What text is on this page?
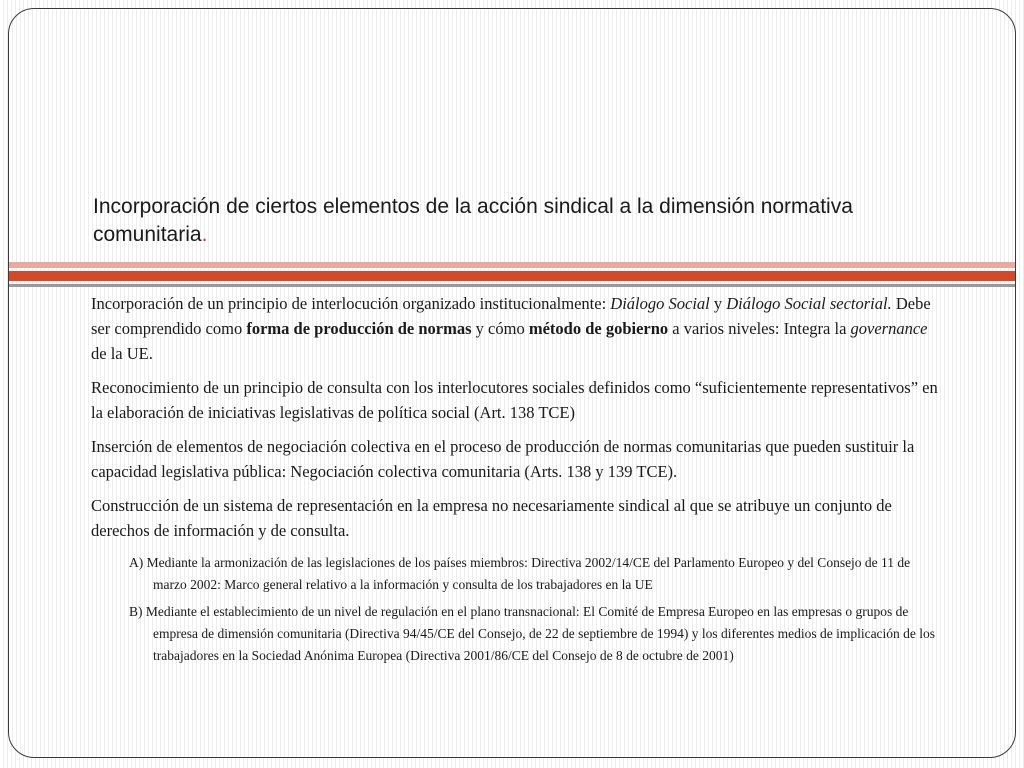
Incorporación de ciertos elementos de la acción sindical a la dimensión normativa comunitaria.

Incorporación de un principio de interlocución organizado institucionalmente: Diálogo Social y Diálogo Social sectorial. Debe ser comprendido como forma de producción de normas y cómo método de gobierno a varios niveles: Integra la governance de la UE.

Reconocimiento de un principio de consulta con los interlocutores sociales definidos como “suficientemente representativos” en la elaboración de iniciativas legislativas de política social (Art. 138 TCE)

Inserción de elementos de negociación colectiva en el proceso de producción de normas comunitarias que pueden sustituir la capacidad legislativa pública: Negociación colectiva comunitaria (Arts. 138 y 139 TCE).

Construcción de un sistema de representación en la empresa no necesariamente sindical al que se atribuye un conjunto de derechos de información y de consulta.

A) Mediante la armonización de las legislaciones de los países miembros: Directiva 2002/14/CE del Parlamento Europeo y del Consejo de 11 de marzo 2002: Marco general relativo a la información y consulta de los trabajadores en la UE

B) Mediante el establecimiento de un nivel de regulación en el plano transnacional: El Comité de Empresa Europeo en las empresas o grupos de empresa de dimensión comunitaria (Directiva 94/45/CE del Consejo, de 22 de septiembre de 1994) y los diferentes medios de implicación de los trabajadores en la Sociedad Anónima Europea (Directiva 2001/86/CE del Consejo de 8 de octubre de 2001)
